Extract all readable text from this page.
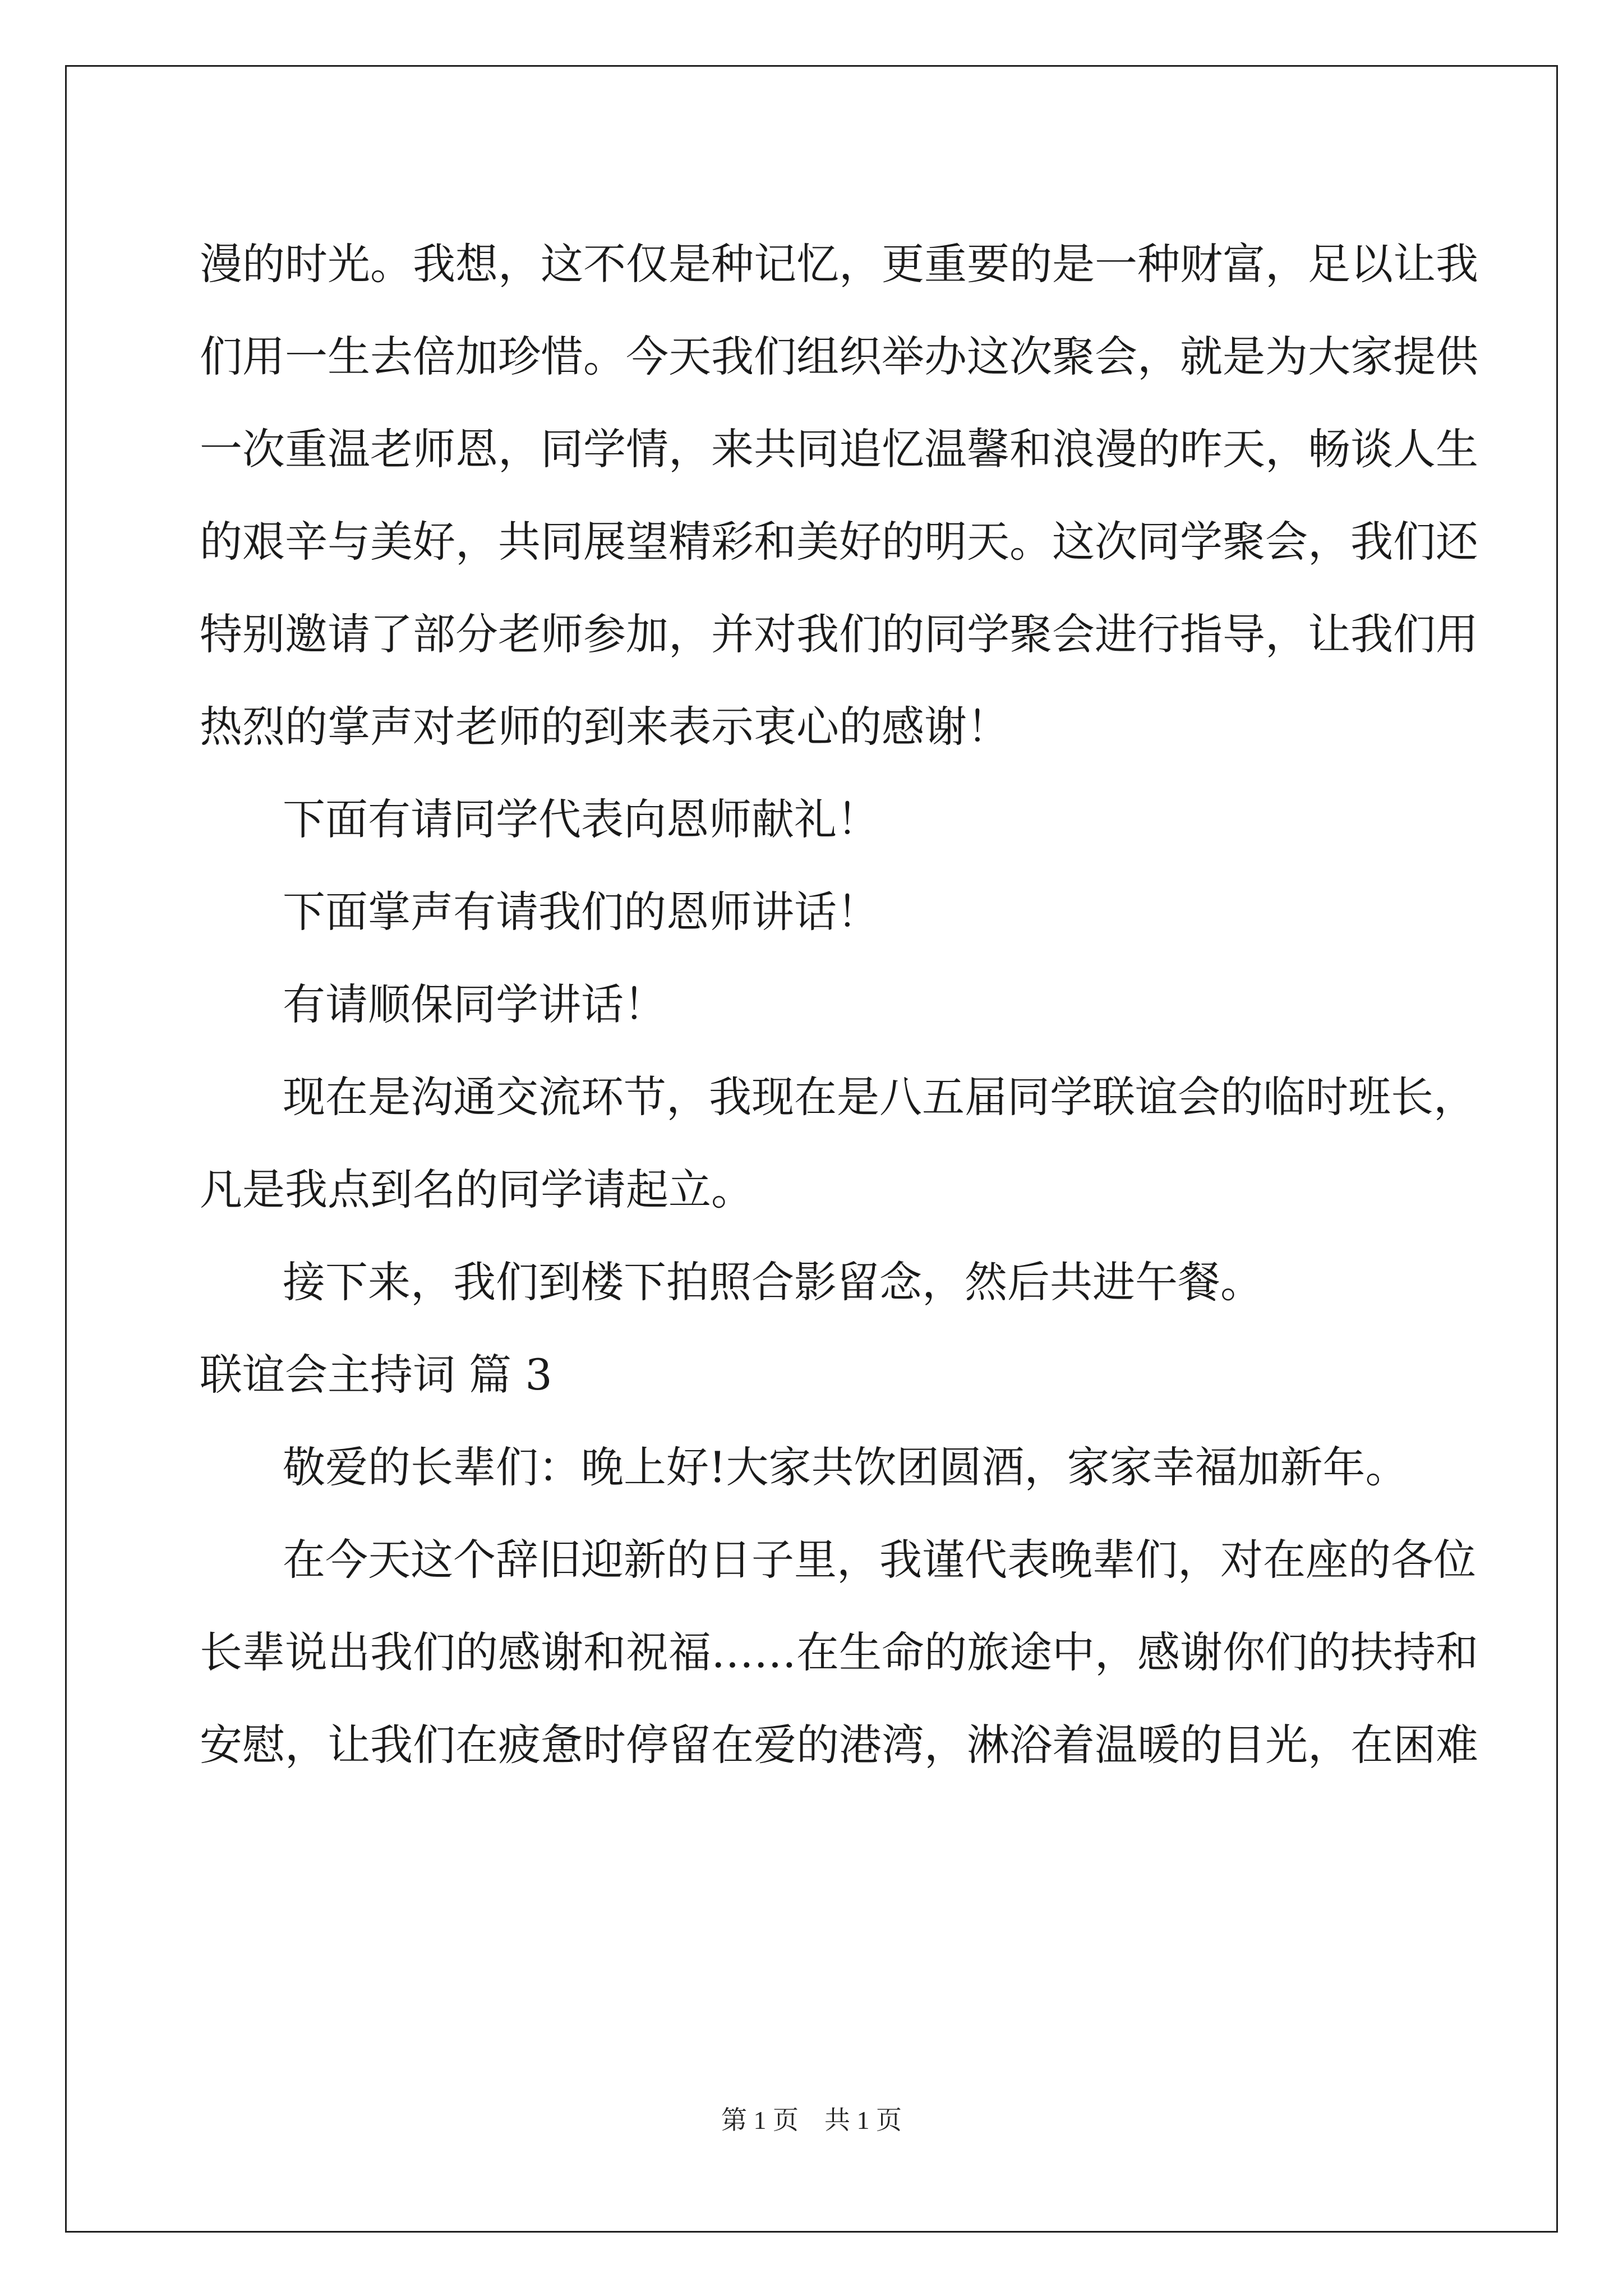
漫的时光。我想，这不仅是种记忆，更重要的是一种财富，足以让我
们用一生去倍加珍惜。今天我们组织举办这次聚会，就是为大家提供
一次重温老师恩，同学情，来共同追忆温馨和浪漫的昨天，畅谈人生
的艰辛与美好，共同展望精彩和美好的明天。这次同学聚会，我们还
特别邀请了部分老师参加，并对我们的同学聚会进行指导，让我们用
热烈的掌声对老师的到来表示衷心的感谢！
下面有请同学代表向恩师献礼！
下面掌声有请我们的恩师讲话！
有请顺保同学讲话！
现在是沟通交流环节，我现在是八五届同学联谊会的临时班长，
凡是我点到名的同学请起立。
接下来，我们到楼下拍照合影留念，然后共进午餐。
联谊会主持词 篇 3
敬爱的长辈们：晚上好!大家共饮团圆酒，家家幸福加新年。
在今天这个辞旧迎新的日子里，我谨代表晚辈们，对在座的各位
长辈说出我们的感谢和祝福……在生命的旅途中，感谢你们的扶持和
安慰，让我们在疲惫时停留在爱的港湾，淋浴着温暖的目光，在困难
第 1 页 共 1 页
